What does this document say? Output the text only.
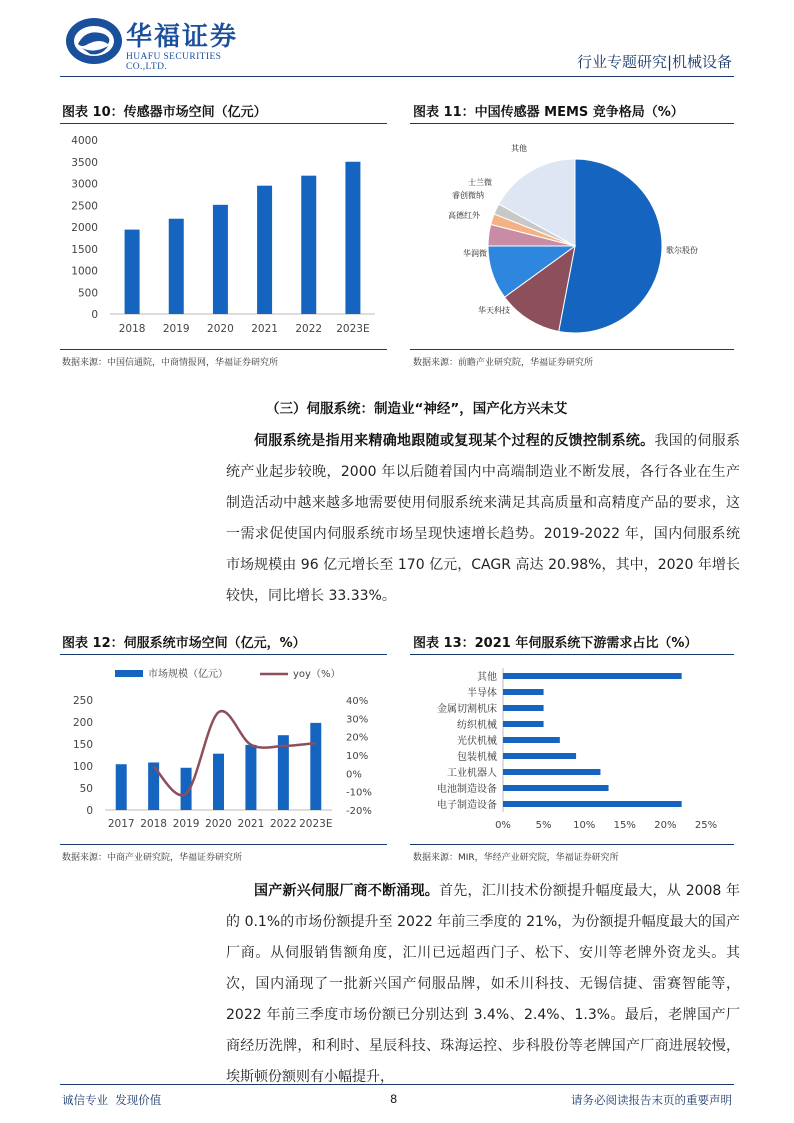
华福证券
HUAFU SECURITIES CO.,LTD.	行业专题研究|机械设备
图表 10：传感器市场空间（亿元）
0
500
1000
1500
2000
2500
3000
3500
4000
2018 2019 2020 2021 2022 2023E
数据来源：中国信通院，中商情报网，华福证券研究所
图表 11：中国传感器 MEMS 竞争格局（%）
歌尔股份
华天科技
华润微
高德红外
睿创微纳
士兰微
其他
数据来源：前瞻产业研究院，华福证券研究所
（三）伺服系统：制造业“神经”，国产化方兴未艾
伺服系统是指用来精确地跟随或复现某个过程的反馈控制系统。我国的伺服系统产业起步较晚，2000 年以后随着国内中高端制造业不断发展，各行各业在生产制造活动中越来越多地需要使用伺服系统来满足其高质量和高精度产品的要求，这一需求促使国内伺服系统市场呈现快速增长趋势。2019-2022 年，国内伺服系统市场规模由 96 亿元增长至 170 亿元，CAGR 高达 20.98%，其中，2020 年增长较快，同比增长 33.33%。
图表 12：伺服系统市场空间（亿元，%）
市场规模（亿元）	yoy（%）
0
50
100
150
200
250
-20%
-10%
0%
10%
20%
30%
40%
2017 2018 2019 2020 2021 2022 2023E
数据来源：中商产业研究院，华福证券研究所
图表 13：2021 年伺服系统下游需求占比（%）
其他
半导体
金属切割机床
纺织机械
光伏机械
包装机械
工业机器人
电池制造设备
电子制造设备
0% 5% 10% 15% 20% 25%
数据来源：MIR，华经产业研究院，华福证券研究所
国产新兴伺服厂商不断涌现。首先，汇川技术份额提升幅度最大，从 2008 年的 0.1%的市场份额提升至 2022 年前三季度的 21%，为份额提升幅度最大的国产厂商。从伺服销售额角度，汇川已远超西门子、松下、安川等老牌外资龙头。其次，国内涌现了一批新兴国产伺服品牌，如禾川科技、无锡信捷、雷赛智能等，2022 年前三季度市场份额已分别达到 3.4%、2.4%、1.3%。最后，老牌国产厂商经历洗牌，和利时、星辰科技、珠海运控、步科股份等老牌国产厂商进展较慢，埃斯顿份额则有小幅提升，
诚信专业  发现价值	8	请务必阅读报告末页的重要声明
